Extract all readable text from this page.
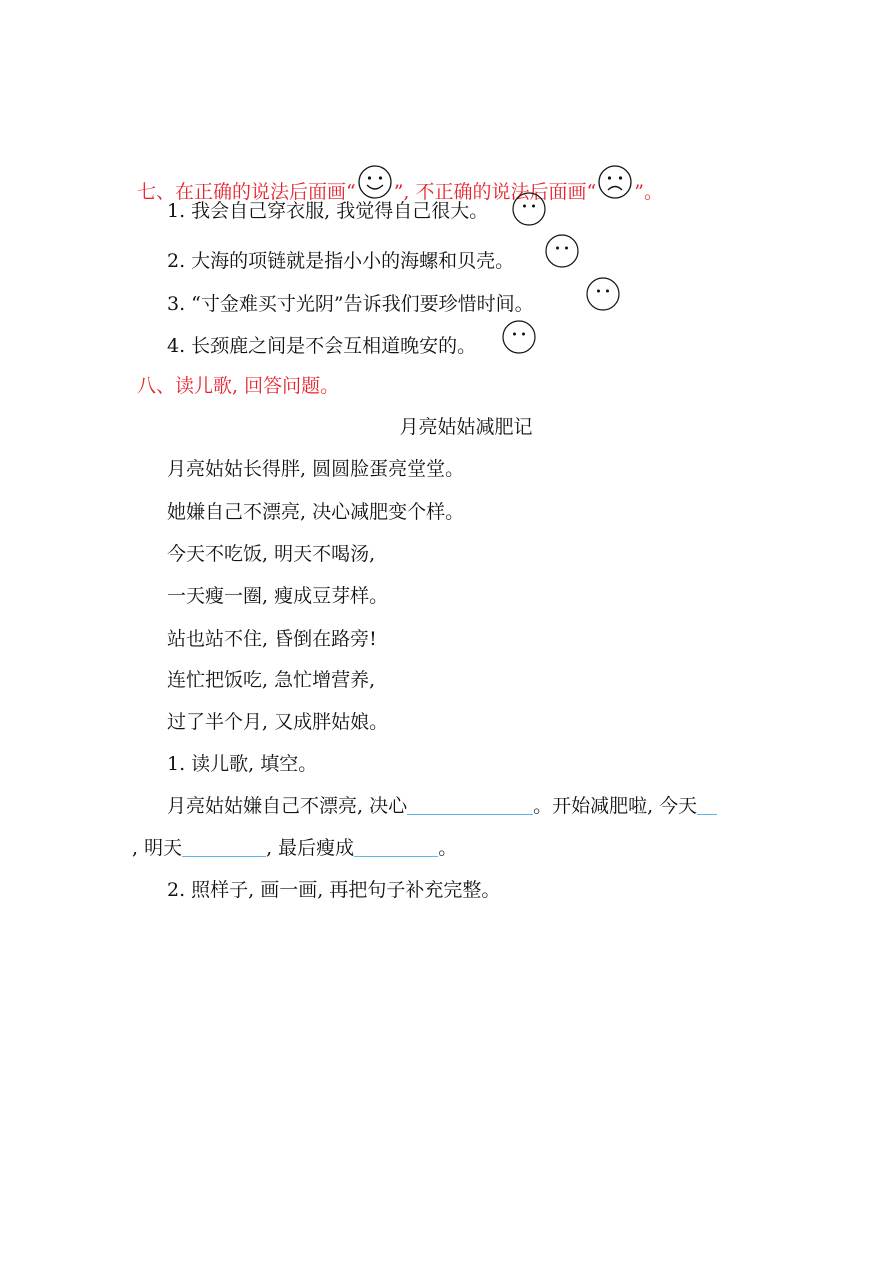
七、在正确的说法后面画“ ”, 不正确的说法后面画“ ”。
1. 我会自己穿衣服, 我觉得自己很大。
2. 大海的项链就是指小小的海螺和贝壳。
3. “寸金难买寸光阴”告诉我们要珍惜时间。
4. 长颈鹿之间是不会互相道晚安的。
八、读儿歌, 回答问题。
月亮姑姑减肥记
月亮姑姑长得胖, 圆圆脸蛋亮堂堂。
她嫌自己不漂亮, 决心减肥变个样。
今天不吃饭, 明天不喝汤,
一天瘦一圈, 瘦成豆芽样。
站也站不住, 昏倒在路旁!
连忙把饭吃, 急忙增营养,
过了半个月, 又成胖姑娘。
1. 读儿歌, 填空。
月亮姑姑嫌自己不漂亮, 决心	。开始减肥啦, 今天
, 明天	, 最后瘦成	。
2. 照样子, 画一画, 再把句子补充完整。
